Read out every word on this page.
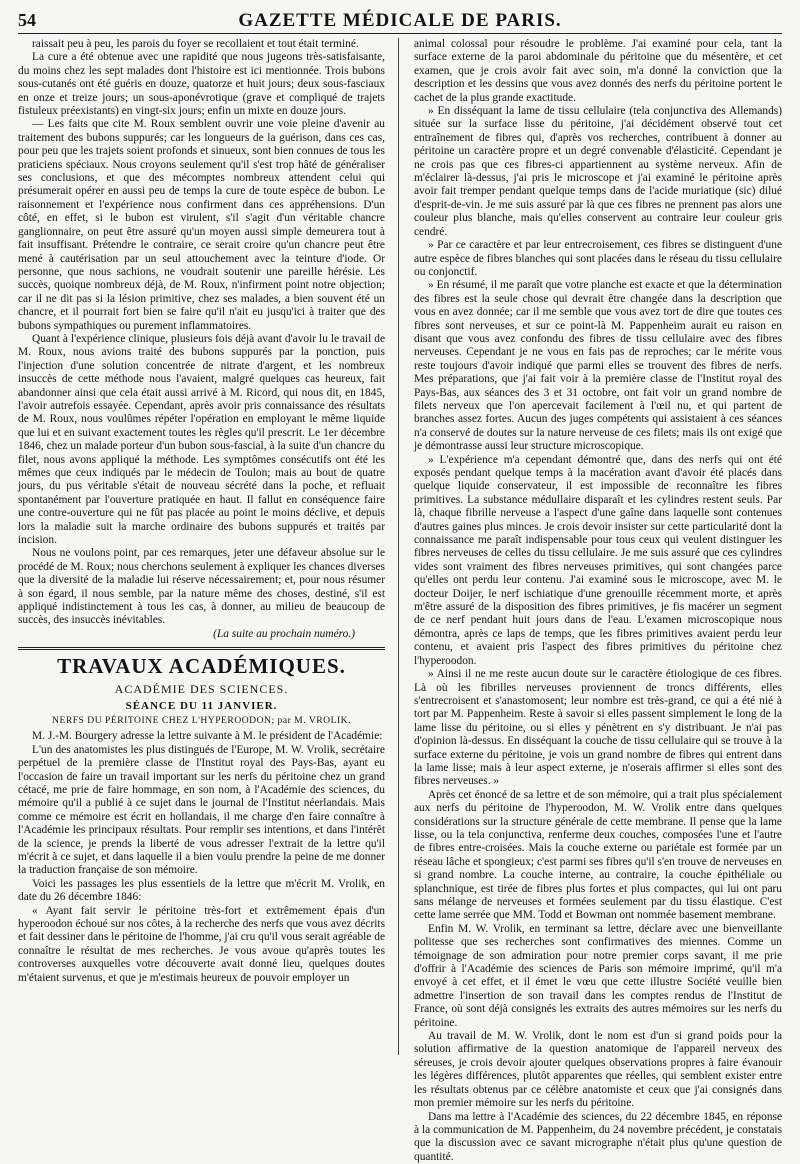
54	GAZETTE MÉDICALE DE PARIS.

raissait peu à peu, les parois du foyer se recollaient et tout était terminé.

La cure a été obtenue avec une rapidité que nous jugeons très-satisfaisante, du moins chez les sept malades dont l'histoire est ici mentionnée. Trois bubons sous-cutanés ont été guéris en douze, quatorze et huit jours; deux sous-fasciaux en onze et treize jours; un sous-aponévrotique (grave et compliqué de trajets fistuleux préexistants) en vingt-six jours; enfin un mixte en douze jours.

— Les faits que cite M. Roux semblent ouvrir une voie pleine d'avenir au traitement des bubons suppurés; car les longueurs de la guérison, dans ces cas, pour peu que les trajets soient profonds et sinueux, sont bien connues de tous les praticiens spéciaux. Nous croyons seulement qu'il s'est trop hâté de généraliser ses conclusions, et que des mécomptes nombreux attendent celui qui présumerait opérer en aussi peu de temps la cure de toute espèce de bubon. Le raisonnement et l'expérience nous confirment dans ces appréhensions. D'un côté, en effet, si le bubon est virulent, s'il s'agit d'un véritable chancre ganglionnaire, on peut être assuré qu'un moyen aussi simple demeurera tout à fait insuffisant. Prétendre le contraire, ce serait croire qu'un chancre peut être mené à cautérisation par un seul attouchement avec la teinture d'iode. Or personne, que nous sachions, ne voudrait soutenir une pareille hérésie. Les succès, quoique nombreux déjà, de M. Roux, n'infirment point notre objection; car il ne dit pas si la lésion primitive, chez ses malades, a bien souvent été un chancre, et il pourrait fort bien se faire qu'il n'ait eu jusqu'ici à traiter que des bubons sympathiques ou purement inflammatoires.

Quant à l'expérience clinique, plusieurs fois déjà avant d'avoir lu le travail de M. Roux, nous avions traité des bubons suppurés par la ponction, puis l'injection d'une solution concentrée de nitrate d'argent, et les nombreux insuccès de cette méthode nous l'avaient, malgré quelques cas heureux, fait abandonner ainsi que cela était aussi arrivé à M. Ricord, qui nous dit, en 1845, l'avoir autrefois essayée. Cependant, après avoir pris connaissance des résultats de M. Roux, nous voulûmes répéter l'opération en employant le même liquide que lui et en suivant exactement toutes les règles qu'il prescrit. Le 1er décembre 1846, chez un malade porteur d'un bubon sous-fascial, à la suite d'un chancre du filet, nous avons appliqué la méthode. Les symptômes consécutifs ont été les mêmes que ceux indiqués par le médecin de Toulon; mais au bout de quatre jours, du pus véritable s'était de nouveau sécrété dans la poche, et refluait spontanément par l'ouverture pratiquée en haut. Il fallut en conséquence faire une contre-ouverture qui ne fût pas placée au point le moins déclive, et depuis lors la maladie suit la marche ordinaire des bubons suppurés et traités par incision.

Nous ne voulons point, par ces remarques, jeter une défaveur absolue sur le procédé de M. Roux; nous cherchons seulement à expliquer les chances diverses que la diversité de la maladie lui réserve nécessairement; et, pour nous résumer à son égard, il nous semble, par la nature même des choses, destiné, s'il est appliqué indistinctement à tous les cas, à donner, au milieu de beaucoup de succès, des insuccès inévitables.

(La suite au prochain numéro.)

TRAVAUX ACADÉMIQUES.
ACADÉMIE DES SCIENCES.
SÉANCE DU 11 JANVIER.
NERFS DU PÉRITOINE CHEZ L'HYPEROODON; par M. VROLIK.

M. J.-M. Bourgery adresse la lettre suivante à M. le président de l'Académie:

L'un des anatomistes les plus distingués de l'Europe, M. W. Vrolik, secrétaire perpétuel de la première classe de l'Institut royal des Pays-Bas, ayant eu l'occasion de faire un travail important sur les nerfs du péritoine chez un grand cétacé, me prie de faire hommage, en son nom, à l'Académie des sciences, du mémoire qu'il a publié à ce sujet dans le journal de l'Institut néerlandais. Mais comme ce mémoire est écrit en hollandais, il me charge d'en faire connaître à l'Académie les principaux résultats. Pour remplir ses intentions, et dans l'intérêt de la science, je prends la liberté de vous adresser l'extrait de la lettre qu'il m'écrit à ce sujet, et dans laquelle il a bien voulu prendre la peine de me donner la traduction française de son mémoire.

Voici les passages les plus essentiels de la lettre que m'écrit M. Vrolik, en date du 26 décembre 1846:

« Ayant fait servir le péritoine très-fort et extrêmement épais d'un hyperoodon échoué sur nos côtes, à la recherche des nerfs que vous avez décrits et fait dessiner dans le péritoine de l'homme, j'ai cru qu'il vous serait agréable de connaître le résultat de mes recherches. Je vous avoue qu'après toutes les controverses auxquelles votre découverte avait donné lieu, quelques doutes m'étaient survenus, et que je m'estimais heureux de pouvoir employer un

animal colossal pour résoudre le problème. J'ai examiné pour cela, tant la surface externe de la paroi abdominale du péritoine que du mésentère, et cet examen, que je crois avoir fait avec soin, m'a donné la conviction que la description et les dessins que vous avez donnés des nerfs du péritoine portent le cachet de la plus grande exactitude.

» En disséquant la lame de tissu cellulaire (tela conjunctiva des Allemands) située sur la surface lisse du péritoine, j'ai décidément observé tout cet entraînement de fibres qui, d'après vos recherches, contribuent à donner au péritoine un caractère propre et un degré convenable d'élasticité. Cependant je ne crois pas que ces fibres-ci appartiennent au système nerveux. Afin de m'éclairer là-dessus, j'ai pris le microscope et j'ai examiné le péritoine après avoir fait tremper pendant quelque temps dans de l'acide muriatique (sic) dilué d'esprit-de-vin. Je me suis assuré par là que ces fibres ne prennent pas alors une couleur plus blanche, mais qu'elles conservent au contraire leur couleur gris cendré.

» Par ce caractère et par leur entrecroisement, ces fibres se distinguent d'une autre espèce de fibres blanches qui sont placées dans le réseau du tissu cellulaire ou conjonctif.

» En résumé, il me paraît que votre planche est exacte et que la détermination des fibres est la seule chose qui devrait être changée dans la description que vous en avez donnée; car il me semble que vous avez tort de dire que toutes ces fibres sont nerveuses, et sur ce point-là M. Pappenheim aurait eu raison en disant que vous avez confondu des fibres de tissu cellulaire avec des fibres nerveuses. Cependant je ne vous en fais pas de reproches; car le mérite vous reste toujours d'avoir indiqué que parmi elles se trouvent des fibres de nerfs. Mes préparations, que j'ai fait voir à la première classe de l'Institut royal des Pays-Bas, aux séances des 3 et 31 octobre, ont fait voir un grand nombre de filets nerveux que l'on apercevait facilement à l'œil nu, et qui partent de branches assez fortes. Aucun des juges compétents qui assistaient à ces séances n'a conservé de doutes sur la nature nerveuse de ces filets; mais ils ont exigé que je démontrasse aussi leur structure microscopique.

» L'expérience m'a cependant démontré que, dans des nerfs qui ont été exposés pendant quelque temps à la macération avant d'avoir été placés dans quelque liquide conservateur, il est impossible de reconnaître les fibres primitives. La substance médullaire disparaît et les cylindres restent seuls. Par là, chaque fibrille nerveuse a l'aspect d'une gaîne dans laquelle sont contenues d'autres gaines plus minces. Je crois devoir insister sur cette particularité dont la connaissance me paraît indispensable pour tous ceux qui veulent distinguer les fibres nerveuses de celles du tissu cellulaire. Je me suis assuré que ces cylindres vides sont vraiment des fibres nerveuses primitives, qui sont changées parce qu'elles ont perdu leur contenu. J'ai examiné sous le microscope, avec M. le docteur Doijer, le nerf ischiatique d'une grenouille récemment morte, et après m'être assuré de la disposition des fibres primitives, je fis macérer un segment de ce nerf pendant huit jours dans de l'eau. L'examen microscopique nous démontra, après ce laps de temps, que les fibres primitives avaient perdu leur contenu, et avaient pris l'aspect des fibres primitives du péritoine chez l'hyperoodon.

» Ainsi il ne me reste aucun doute sur le caractère étiologique de ces fibres. Là où les fibrilles nerveuses proviennent de troncs différents, elles s'entrecroisent et s'anastomosent; leur nombre est très-grand, ce qui a été nié à tort par M. Pappenheim. Reste à savoir si elles passent simplement le long de la lame lisse du péritoine, ou si elles y pénètrent en s'y distribuant. Je n'ai pas d'opinion là-dessus. En disséquant la couche de tissu cellulaire qui se trouve à la surface externe du péritoine, je vois un grand nombre de fibres qui entrent dans la lame lisse; mais à leur aspect externe, je n'oserais affirmer si elles sont des fibres nerveuses. »

Après cet énoncé de sa lettre et de son mémoire, qui a trait plus spécialement aux nerfs du péritoine de l'hyperoodon, M. W. Vrolik entre dans quelques considérations sur la structure générale de cette membrane. Il pense que la lame lisse, ou la tela conjunctiva, renferme deux couches, composées l'une et l'autre de fibres entre-croisées. Mais la couche externe ou pariétale est formée par un réseau lâche et spongieux; c'est parmi ses fibres qu'il s'en trouve de nerveuses en si grand nombre. La couche interne, au contraire, la couche épithéliale ou splanchnique, est tirée de fibres plus fortes et plus compactes, qui lui ont paru sans mélange de nerveuses et formées seulement par du tissu élastique. C'est cette lame serrée que MM. Todd et Bowman ont nommée basement membrane.

Enfin M. W. Vrolik, en terminant sa lettre, déclare avec une bienveillante politesse que ses recherches sont confirmatives des miennes. Comme un témoignage de son admiration pour notre premier corps savant, il me prie d'offrir à l'Académie des sciences de Paris son mémoire imprimé, qu'il m'a envoyé à cet effet, et il émet le vœu que cette illustre Société veuille bien admettre l'insertion de son travail dans les comptes rendus de l'Institut de France, où sont déjà consignés les extraits des autres mémoires sur les nerfs du péritoine.

Au travail de M. W. Vrolik, dont le nom est d'un si grand poids pour la solution affirmative de la question anatomique de l'appareil nerveux des séreuses, je crois devoir ajouter quelques observations propres à faire évanouir les légères différences, plutôt apparentes que réelles, qui semblent exister entre les résultats obtenus par ce célèbre anatomiste et ceux que j'ai consignés dans mon premier mémoire sur les nerfs du péritoine.

Dans ma lettre à l'Académie des sciences, du 22 décembre 1845, en réponse à la communication de M. Pappenheim, du 24 novembre précédent, je constatais que la discussion avec ce savant micrographe n'était plus qu'une question de quantité.
